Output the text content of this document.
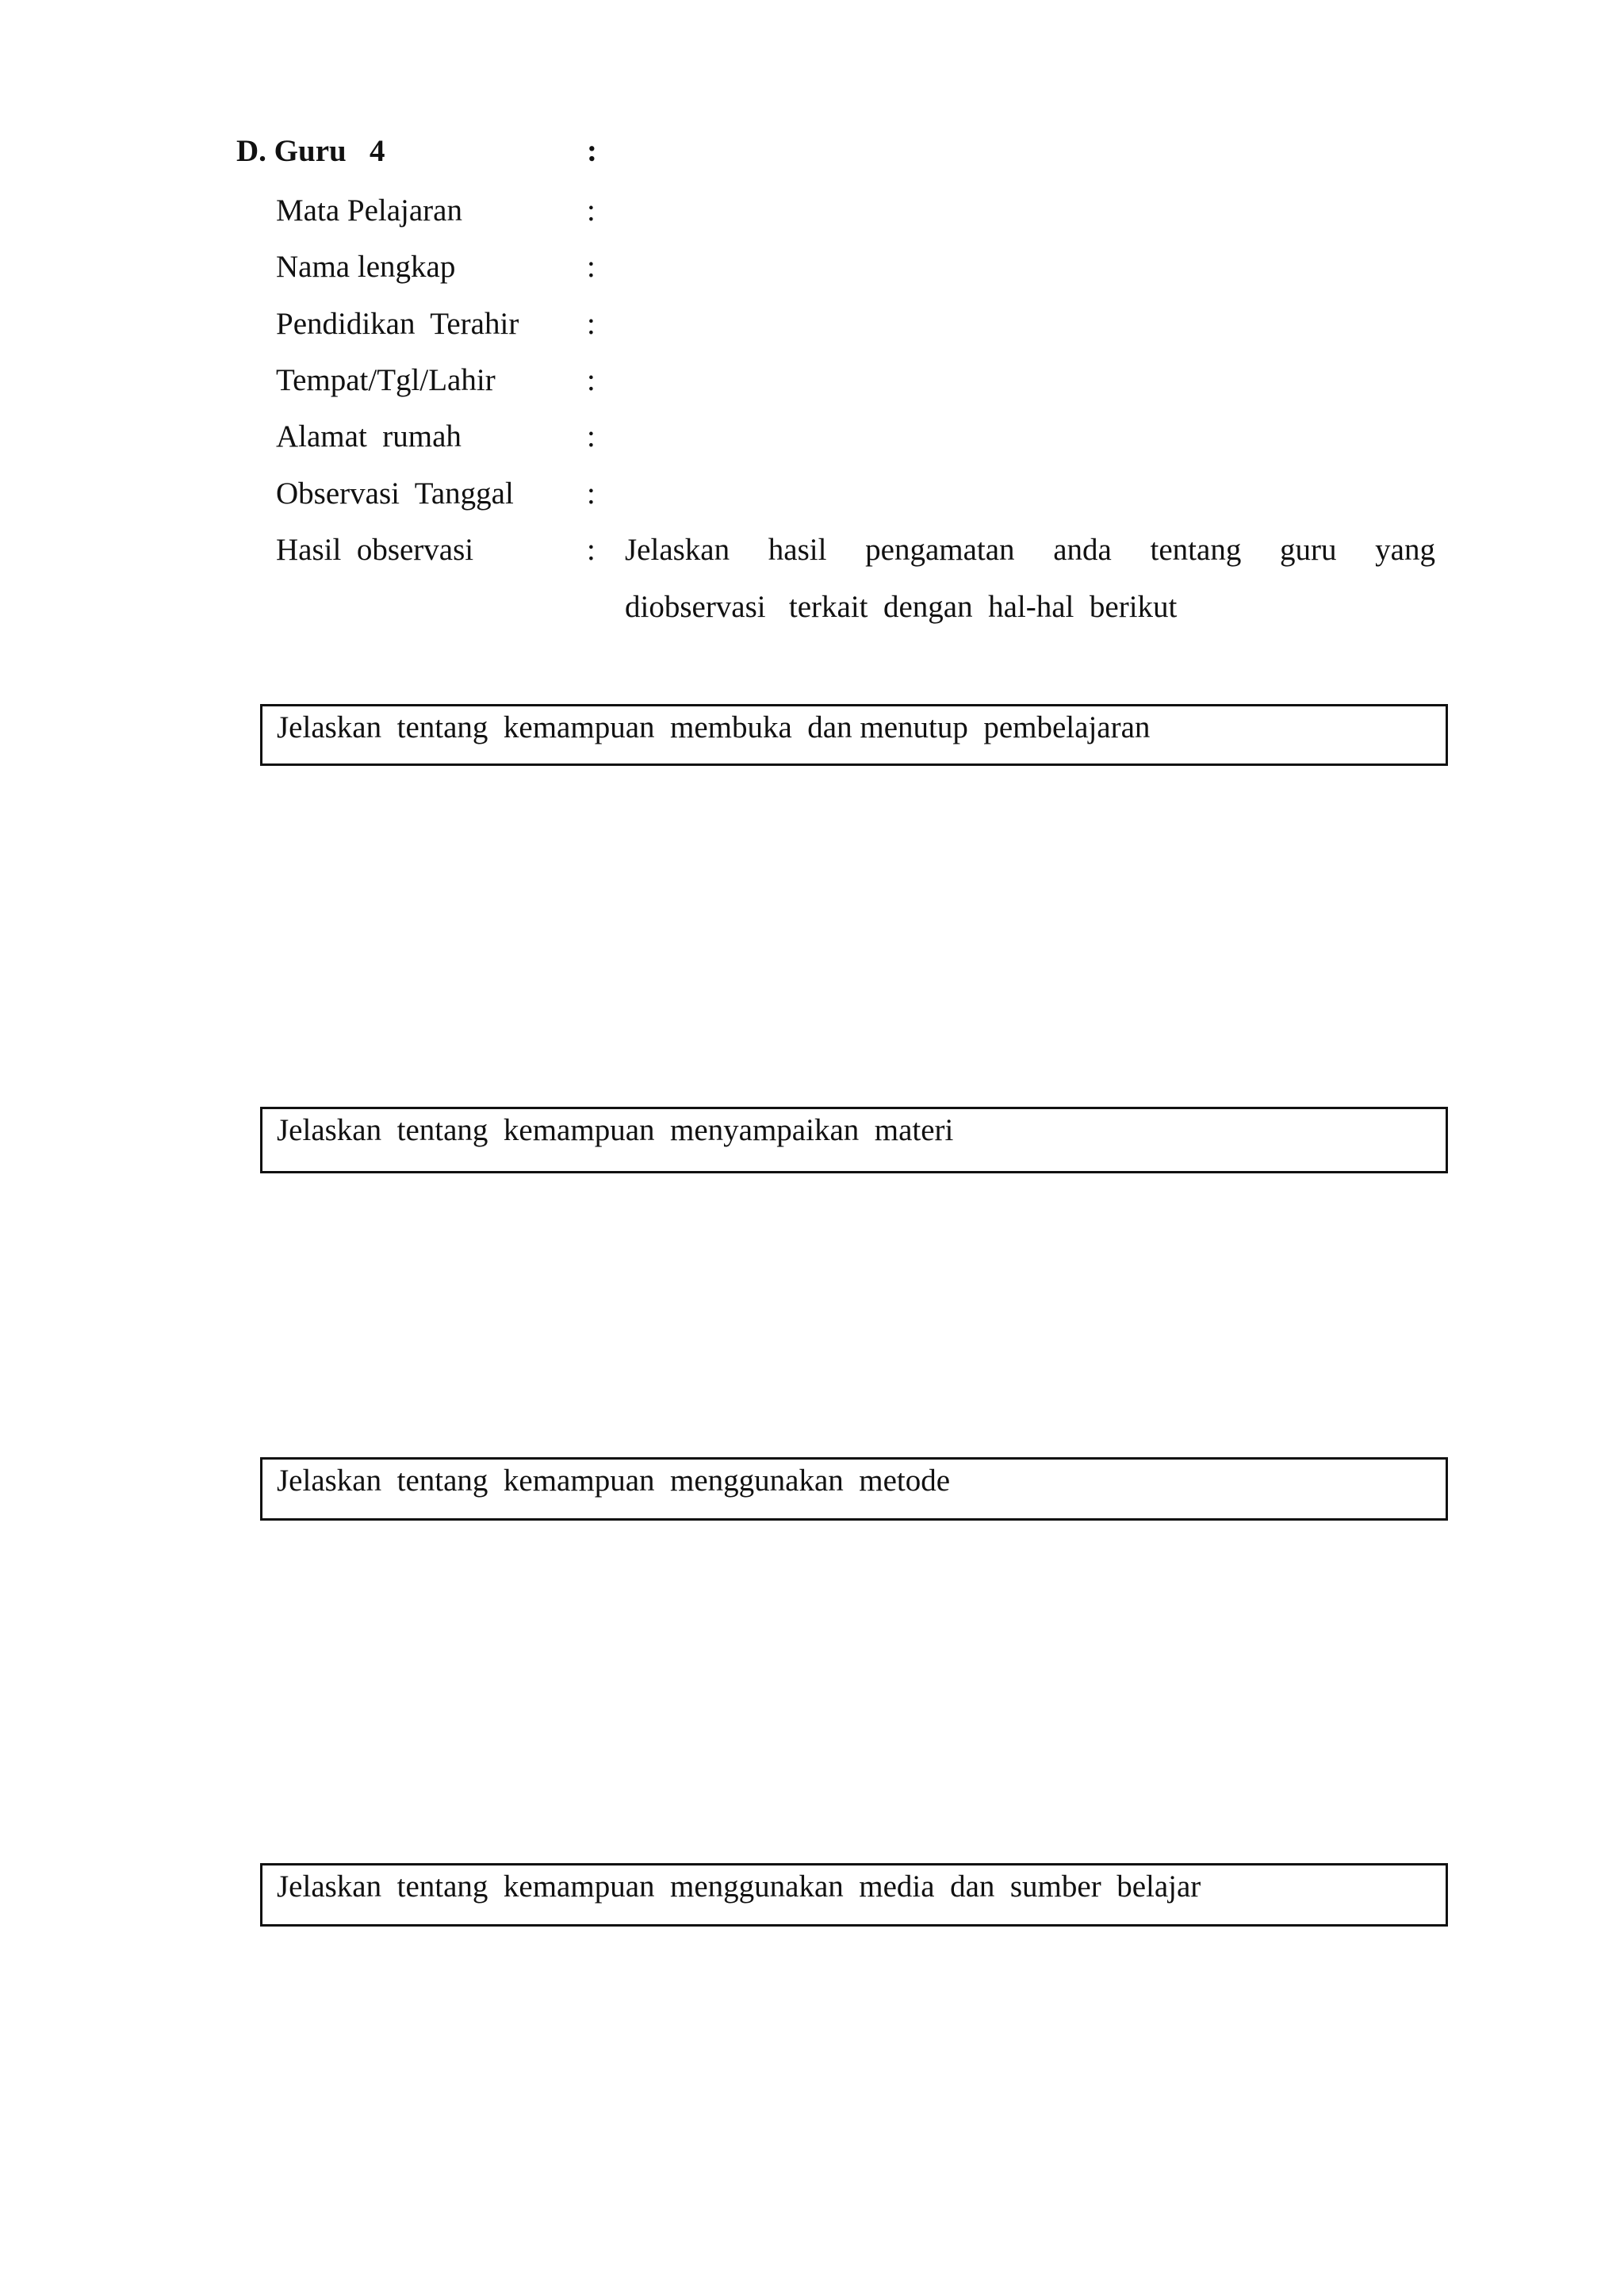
D. Guru   4	:
Mata Pelajaran	:
Nama lengkap	:
Pendidikan  Terahir :
Tempat/Tgl/Lahir	:
Alamat  rumah	:
Observasi  Tanggal :
Hasil  observasi	: Jelaskan hasil pengamatan anda tentang guru yang
diobservasi   terkait  dengan  hal-hal  berikut
Jelaskan  tentang  kemampuan  membuka  dan menutup  pembelajaran
Jelaskan  tentang  kemampuan  menyampaikan  materi
Jelaskan  tentang  kemampuan  menggunakan  metode
Jelaskan  tentang  kemampuan  menggunakan  media  dan  sumber  belajar
